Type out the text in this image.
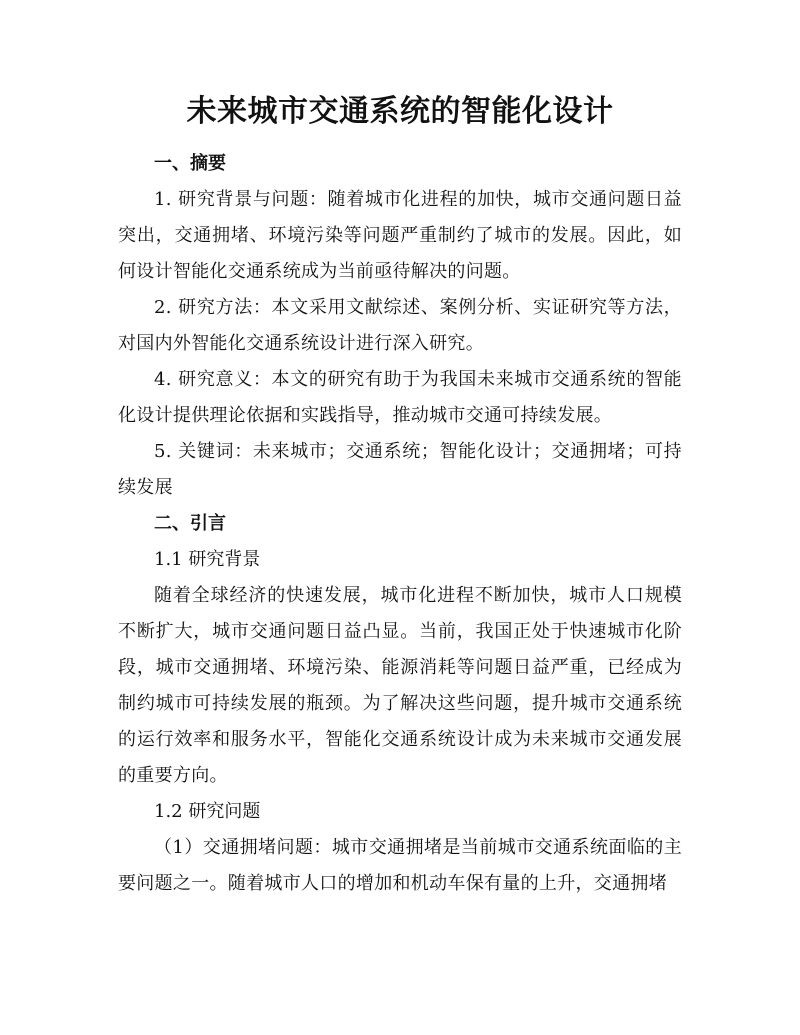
未来城市交通系统的智能化设计
一、摘要

1. 研究背景与问题：随着城市化进程的加快，城市交通问题日益突出，交通拥堵、环境污染等问题严重制约了城市的发展。因此，如何设计智能化交通系统成为当前亟待解决的问题。

2. 研究方法：本文采用文献综述、案例分析、实证研究等方法，对国内外智能化交通系统设计进行深入研究。

4. 研究意义：本文的研究有助于为我国未来城市交通系统的智能化设计提供理论依据和实践指导，推动城市交通可持续发展。

5. 关键词：未来城市；交通系统；智能化设计；交通拥堵；可持续发展

二、引言
1.1 研究背景

随着全球经济的快速发展，城市化进程不断加快，城市人口规模不断扩大，城市交通问题日益凸显。当前，我国正处于快速城市化阶段，城市交通拥堵、环境污染、能源消耗等问题日益严重，已经成为制约城市可持续发展的瓶颈。为了解决这些问题，提升城市交通系统的运行效率和服务水平，智能化交通系统设计成为未来城市交通发展的重要方向。

1.2 研究问题

（1）交通拥堵问题：城市交通拥堵是当前城市交通系统面临的主要问题之一。随着城市人口的增加和机动车保有量的上升，交通拥堵
